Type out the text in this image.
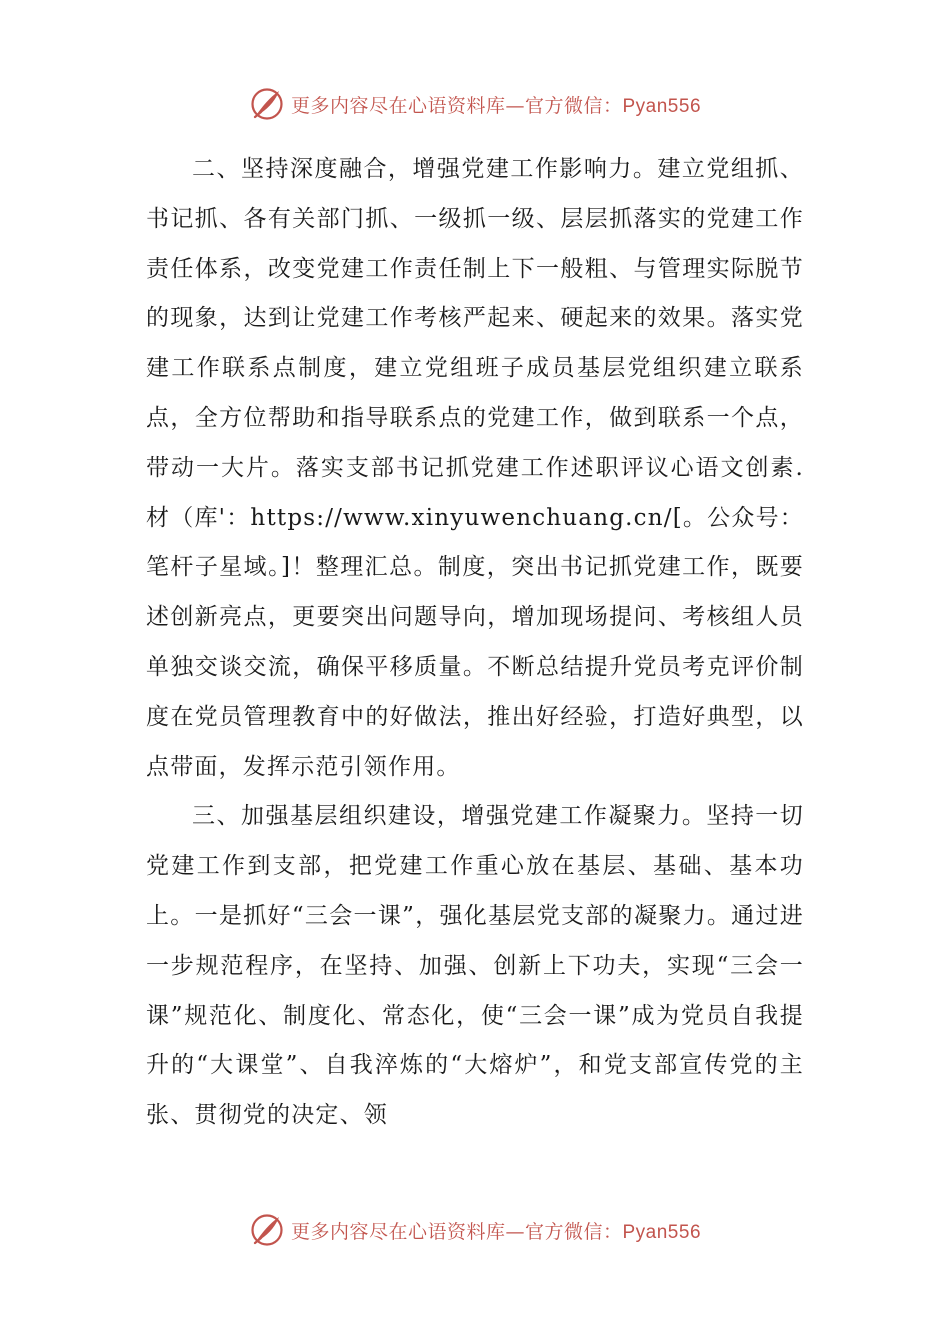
更多内容尽在心语资料库—官方微信：Pyan556

二、坚持深度融合，增强党建工作影响力。建立党组抓、书记抓、各有关部门抓、一级抓一级、层层抓落实的党建工作责任体系，改变党建工作责任制上下一般粗、与管理实际脱节的现象，达到让党建工作考核严起来、硬起来的效果。落实党建工作联系点制度，建立党组班子成员基层党组织建立联系点，全方位帮助和指导联系点的党建工作，做到联系一个点，带动一大片。落实支部书记抓党建工作述职评议心语文创素.材（库'：https://www.xinyuwenchuang.cn/[。公众号：笔杆子星域。]！整理汇总。制度，突出书记抓党建工作，既要述创新亮点，更要突出问题导向，增加现场提问、考核组人员单独交谈交流，确保平移质量。不断总结提升党员考克评价制度在党员管理教育中的好做法，推出好经验，打造好典型，以点带面，发挥示范引领作用。

三、加强基层组织建设，增强党建工作凝聚力。坚持一切党建工作到支部，把党建工作重心放在基层、基础、基本功上。一是抓好“三会一课”，强化基层党支部的凝聚力。通过进一步规范程序，在坚持、加强、创新上下功夫，实现“三会一课”规范化、制度化、常态化，使“三会一课”成为党员自我提升的“大课堂”、自我淬炼的“大熔炉”，和党支部宣传党的主张、贯彻党的决定、领

更多内容尽在心语资料库—官方微信：Pyan556
